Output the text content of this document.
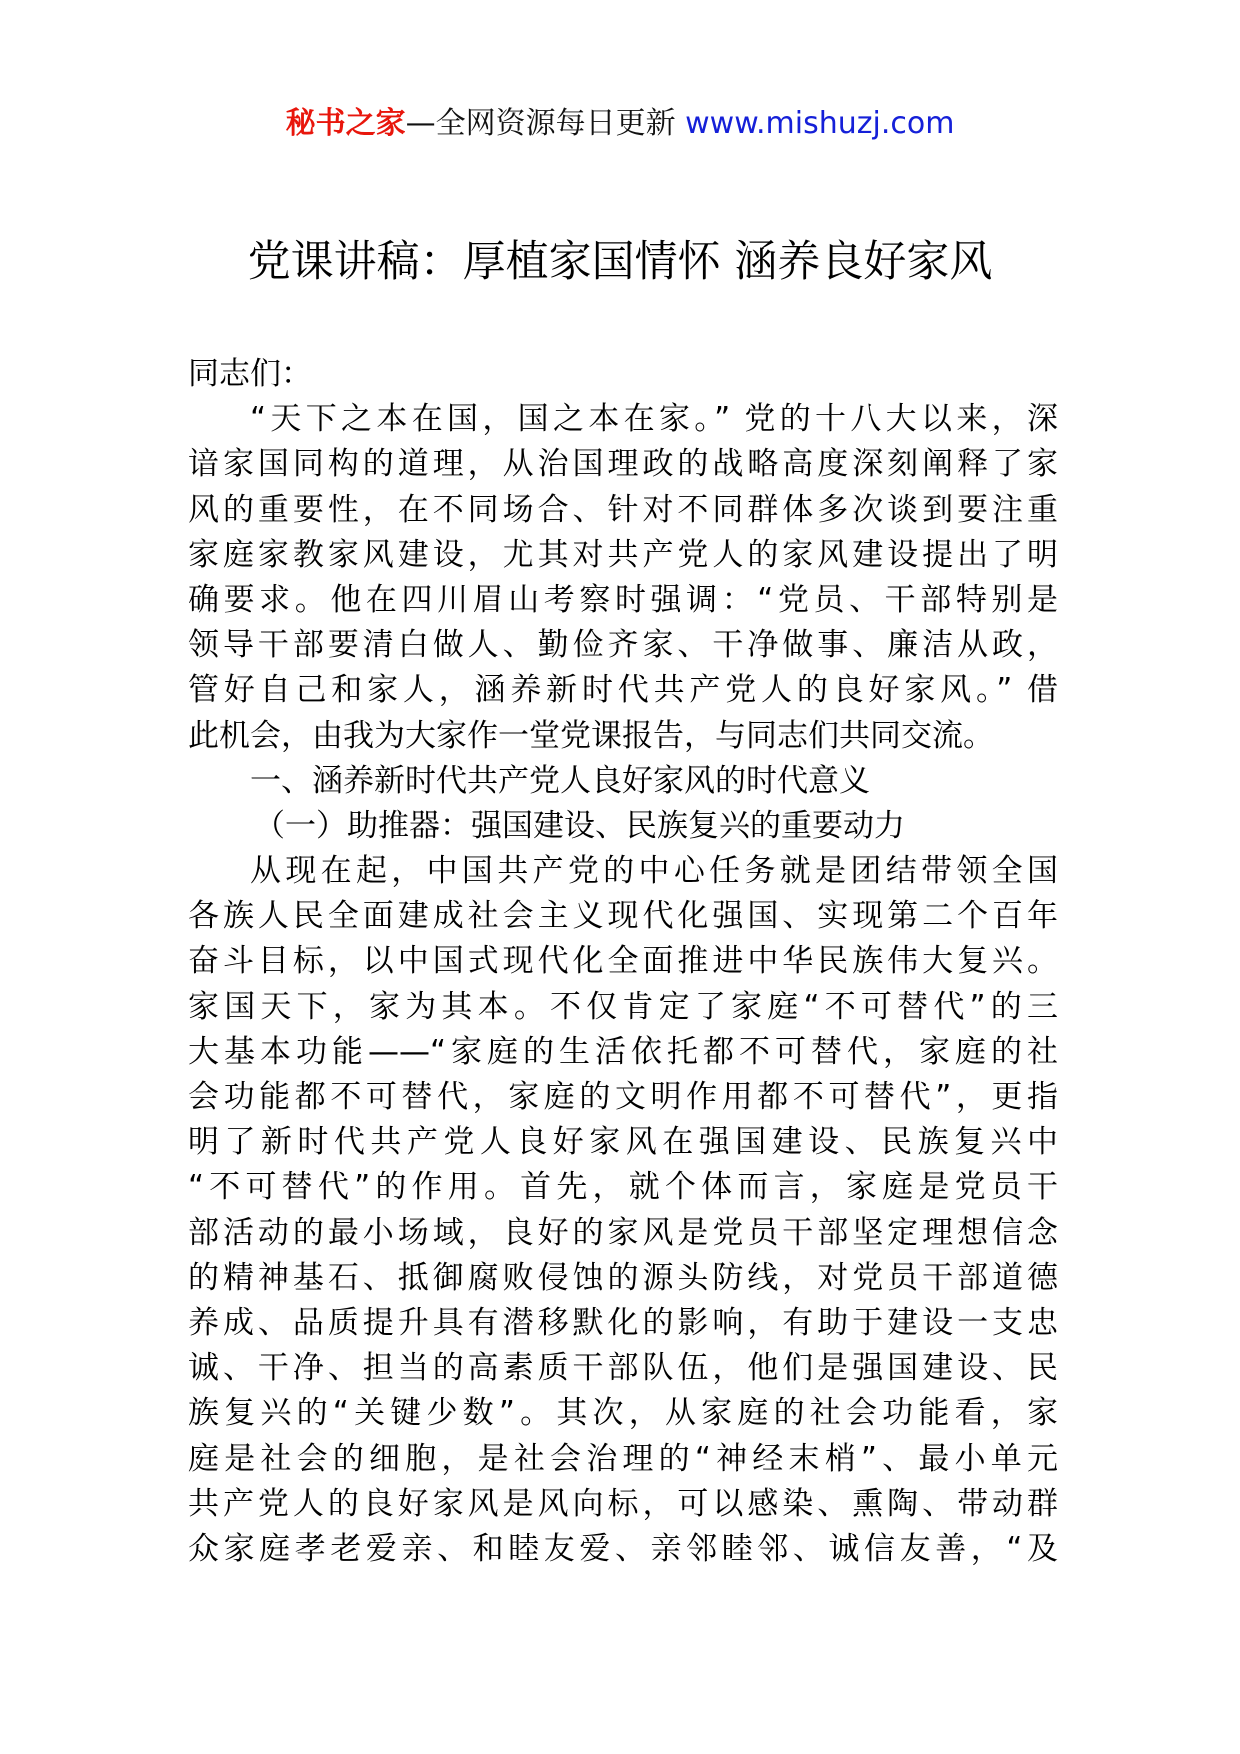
秘书之家—全网资源每日更新 www.mishuzj.com
党课讲稿：厚植家国情怀 涵养良好家风
同志们：
“天下之本在国，国之本在家。” 党的十八大以来，深
谙家国同构的道理，从治国理政的战略高度深刻阐释了家
风的重要性，在不同场合、针对不同群体多次谈到要注重
家庭家教家风建设，尤其对共产党人的家风建设提出了明
确要求。他在四川眉山考察时强调：“党员、干部特别是
领导干部要清白做人、勤俭齐家、干净做事、廉洁从政，
管好自己和家人，涵养新时代共产党人的良好家风。” 借
此机会，由我为大家作一堂党课报告，与同志们共同交流。
一、涵养新时代共产党人良好家风的时代意义
（一）助推器：强国建设、民族复兴的重要动力
从现在起，中国共产党的中心任务就是团结带领全国
各族人民全面建成社会主义现代化强国、实现第二个百年
奋斗目标，以中国式现代化全面推进中华民族伟大复兴。
家国天下，家为其本。不仅肯定了家庭“不可替代”的三
大基本功能——“家庭的生活依托都不可替代，家庭的社
会功能都不可替代，家庭的文明作用都不可替代”，更指
明了新时代共产党人良好家风在强国建设、民族复兴中
“不可替代”的作用。首先，就个体而言，家庭是党员干
部活动的最小场域，良好的家风是党员干部坚定理想信念
的精神基石、抵御腐败侵蚀的源头防线，对党员干部道德
养成、品质提升具有潜移默化的影响，有助于建设一支忠
诚、干净、担当的高素质干部队伍，他们是强国建设、民
族复兴的“关键少数”。其次，从家庭的社会功能看，家
庭是社会的细胞，是社会治理的“神经末梢”、最小单元
共产党人的良好家风是风向标，可以感染、熏陶、带动群
众家庭孝老爱亲、和睦友爱、亲邻睦邻、诚信友善，“及
